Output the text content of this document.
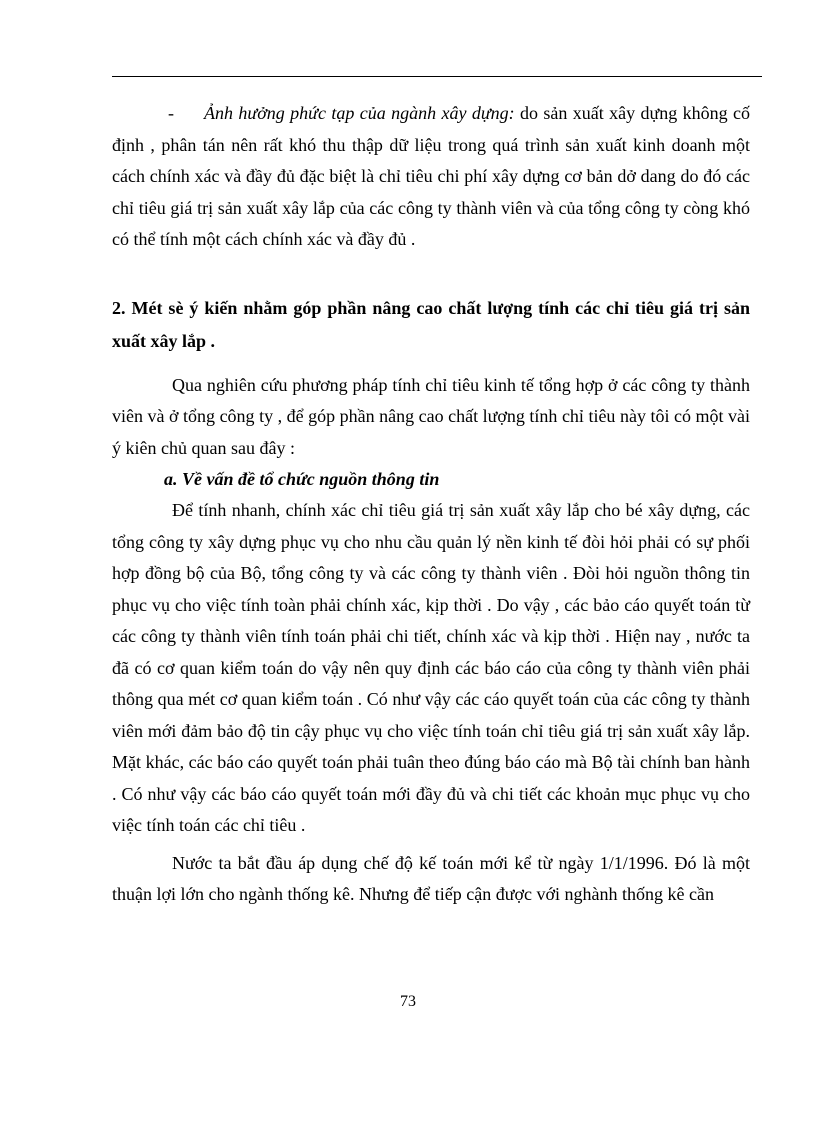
- Ảnh hưởng phức tạp của ngành xây dựng: do sản xuất xây dựng không cố định , phân tán nên rất khó thu thập dữ liệu trong quá trình sản xuất kinh doanh một cách chính xác và đầy đủ đặc biệt là chỉ tiêu chi phí xây dựng cơ bản dở dang do đó các chỉ tiêu giá trị sản xuất xây lắp của các công ty thành viên và của tổng công ty còng khó có thể tính một cách chính xác và đầy đủ .

2. Mét sè ý kiến nhằm góp phần nâng cao chất lượng tính các chỉ tiêu giá trị sản xuất xây lắp .

Qua nghiên cứu phương pháp tính chỉ tiêu kinh tế tổng hợp ở các công ty thành viên và ở tổng công ty , để góp phần nâng cao chất lượng tính chỉ tiêu này tôi có một vài ý kiên chủ quan sau đây :

a. Về vấn đề tổ chức nguồn thông tin

Để tính nhanh, chính xác chỉ tiêu giá trị sản xuất xây lắp cho bé xây dựng, các tổng công ty xây dựng phục vụ cho nhu cầu quản lý nền kinh tế đòi hỏi phải có sự phối hợp đồng bộ của Bộ, tổng công ty và các công ty thành viên . Đòi hỏi nguồn thông tin phục vụ cho việc tính toàn phải chính xác, kịp thời . Do vậy , các bảo cáo quyết toán từ các công ty thành viên tính toán phải chi tiết, chính xác và kịp thời . Hiện nay , nước ta đã có cơ quan kiểm toán do vậy nên quy định các báo cáo của công ty thành viên phải thông qua mét cơ quan kiểm toán . Có như vậy các cáo quyết toán của các công ty thành viên mới đảm bảo độ tin cậy phục vụ cho việc tính toán chỉ tiêu giá trị sản xuất xây lắp. Mặt khác, các báo cáo quyết toán phải tuân theo đúng báo cáo mà Bộ tài chính ban hành . Có như vậy các báo cáo quyết toán mới đầy đủ và chi tiết các khoản mục phục vụ cho việc tính toán các chỉ tiêu .

Nước ta bắt đầu áp dụng chế độ kế toán mới kể từ ngày 1/1/1996. Đó là một thuận lợi lớn cho ngành thống kê. Nhưng để tiếp cận được với nghành thống kê cần

73
